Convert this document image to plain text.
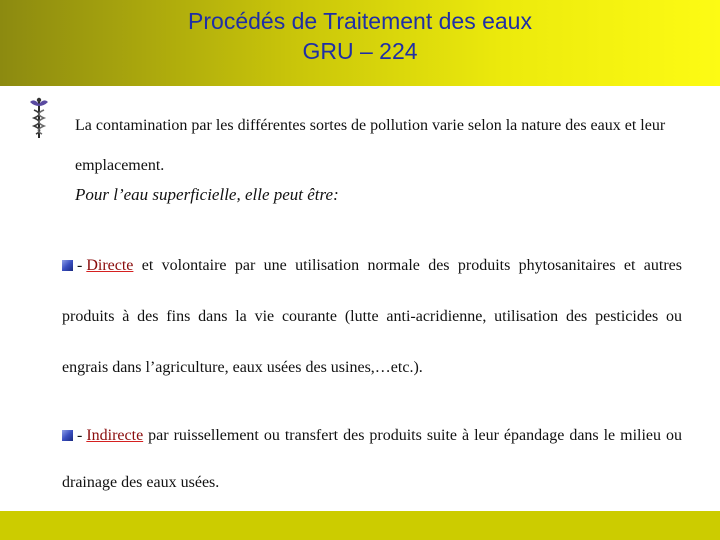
Procédés de Traitement des eaux
GRU – 224
La contamination par les différentes sortes de pollution varie selon la nature des eaux et leur emplacement.
Pour l’eau superficielle, elle peut être:
- Directe et volontaire par une utilisation normale des produits phytosanitaires et autres produits à des fins dans la vie courante (lutte anti-acridienne, utilisation des pesticides ou engrais dans l’agriculture, eaux usées des usines,…etc.).
- Indirecte par ruissellement ou transfert des produits suite à leur épandage dans le milieu ou drainage des eaux usées.
